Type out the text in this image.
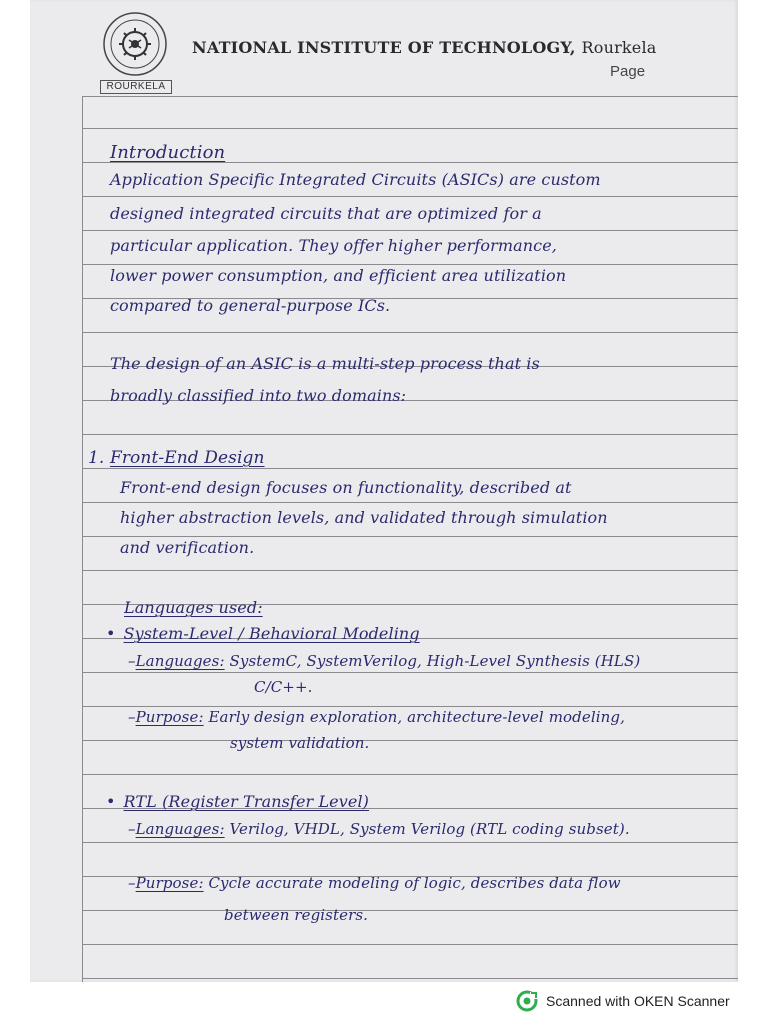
ROURKELA
NATIONAL INSTITUTE OF TECHNOLOGY, Rourkela
Page
Introduction
Application Specific Integrated Circuits (ASICs) are custom
designed integrated circuits that are optimized for a
particular application. They offer higher performance,
lower power consumption, and efficient area utilization
compared to general-purpose ICs.
The design of an ASIC is a multi-step process that is
broadly classified into two domains:
1. Front-End Design
Front-end design focuses on functionality, described at
higher abstraction levels, and validated through simulation
and verification.
Languages used:
• System-Level / Behavioral Modeling
–Languages: SystemC, SystemVerilog, High-Level Synthesis (HLS)
C/C++.
–Purpose: Early design exploration, architecture-level modeling,
system validation.
• RTL (Register Transfer Level)
–Languages: Verilog, VHDL, System Verilog (RTL coding subset).
–Purpose: Cycle accurate modeling of logic, describes data flow
between registers.
Scanned with OKEN Scanner
